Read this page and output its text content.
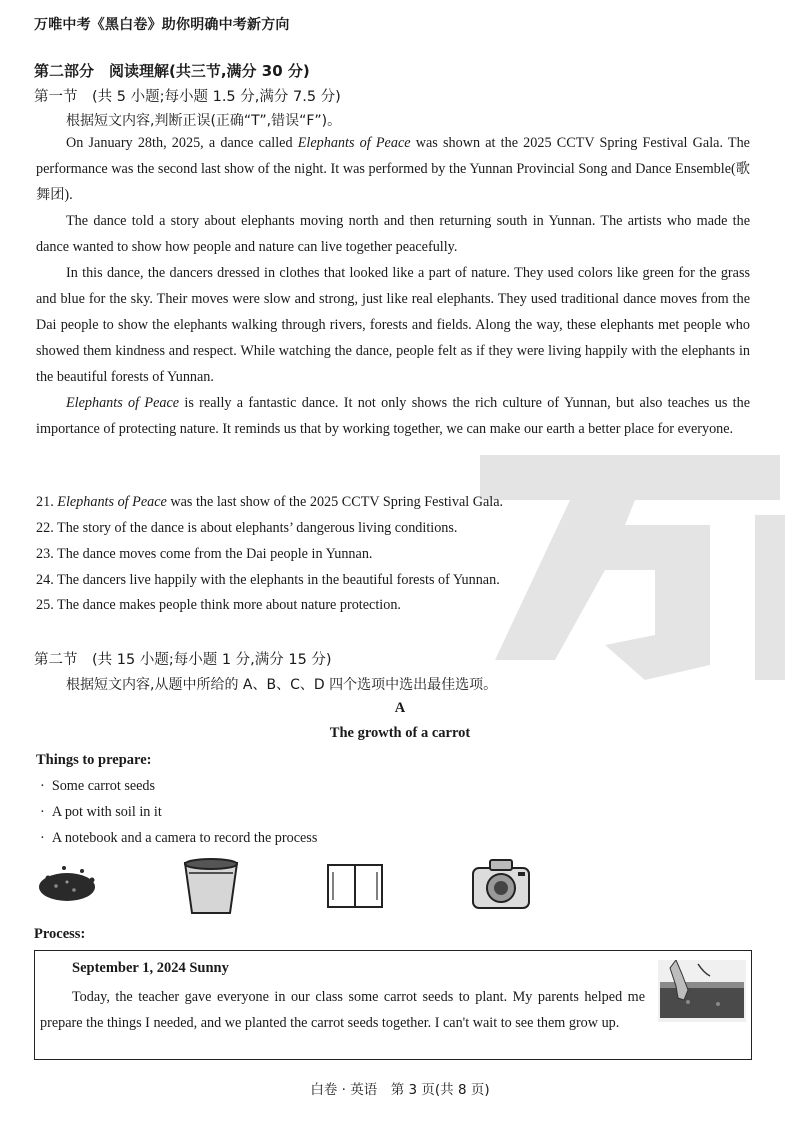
万唯中考《黑白卷》助你明确中考新方向
第二部分　阅读理解(共三节,满分 30 分)
第一节　(共 5 小题;每小题 1.5 分,满分 7.5 分)
根据短文内容,判断正误(正确“T”,错误“F”)。

On January 28th, 2025, a dance called Elephants of Peace was shown at the 2025 CCTV Spring Festival Gala. The performance was the second last show of the night. It was performed by the Yunnan Provincial Song and Dance Ensemble(歌舞团).

The dance told a story about elephants moving north and then returning south in Yunnan. The artists who made the dance wanted to show how people and nature can live together peacefully.

In this dance, the dancers dressed in clothes that looked like a part of nature. They used colors like green for the grass and blue for the sky. Their moves were slow and strong, just like real elephants. They used traditional dance moves from the Dai people to show the elephants walking through rivers, forests and fields. Along the way, these elephants met people who showed them kindness and respect. While watching the dance, people felt as if they were living happily with the elephants in the beautiful forests of Yunnan.

Elephants of Peace is really a fantastic dance. It not only shows the rich culture of Yunnan, but also teaches us the importance of protecting nature. It reminds us that by working together, we can make our earth a better place for everyone.

21. Elephants of Peace was the last show of the 2025 CCTV Spring Festival Gala.
22. The story of the dance is about elephants’ dangerous living conditions.
23. The dance moves come from the Dai people in Yunnan.
24. The dancers live happily with the elephants in the beautiful forests of Yunnan.
25. The dance makes people think more about nature protection.
第二节　(共 15 小题;每小题 1 分,满分 15 分)
根据短文内容,从题中所给的 A、B、C、D 四个选项中选出最佳选项。
A
The growth of a carrot
Things to prepare:
·  Some carrot seeds
·  A pot with soil in it
·  A notebook and a camera to record the process
Process:
September 1, 2024 Sunny

Today, the teacher gave everyone in our class some carrot seeds to plant. My parents helped me prepare the things I needed, and we planted the carrot seeds together. I can't wait to see them grow up.

白卷 · 英语　第 3 页(共 8 页)
